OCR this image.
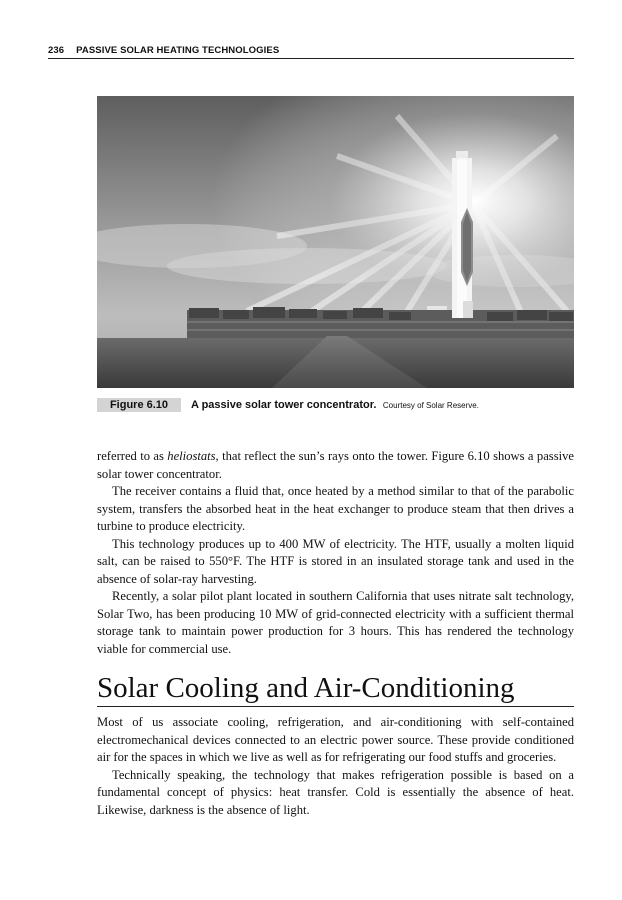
236 PASSIVE SOLAR HEATING TECHNOLOGIES
Figure 6.10 A passive solar tower concentrator. Courtesy of Solar Reserve.

referred to as heliostats, that reflect the sun’s rays onto the tower. Figure 6.10 shows a passive solar tower concentrator.

The receiver contains a fluid that, once heated by a method similar to that of the parabolic system, transfers the absorbed heat in the heat exchanger to produce steam that then drives a turbine to produce electricity.

This technology produces up to 400 MW of electricity. The HTF, usually a molten liquid salt, can be raised to 550°F. The HTF is stored in an insulated storage tank and used in the absence of solar-ray harvesting.

Recently, a solar pilot plant located in southern California that uses nitrate salt technology, Solar Two, has been producing 10 MW of grid-connected electricity with a sufficient thermal storage tank to maintain power production for 3 hours. This has rendered the technology viable for commercial use.

Solar Cooling and Air-Conditioning

Most of us associate cooling, refrigeration, and air-conditioning with self-contained electromechanical devices connected to an electric power source. These provide conditioned air for the spaces in which we live as well as for refrigerating our food stuffs and groceries.

Technically speaking, the technology that makes refrigeration possible is based on a fundamental concept of physics: heat transfer. Cold is essentially the absence of heat. Likewise, darkness is the absence of light.
